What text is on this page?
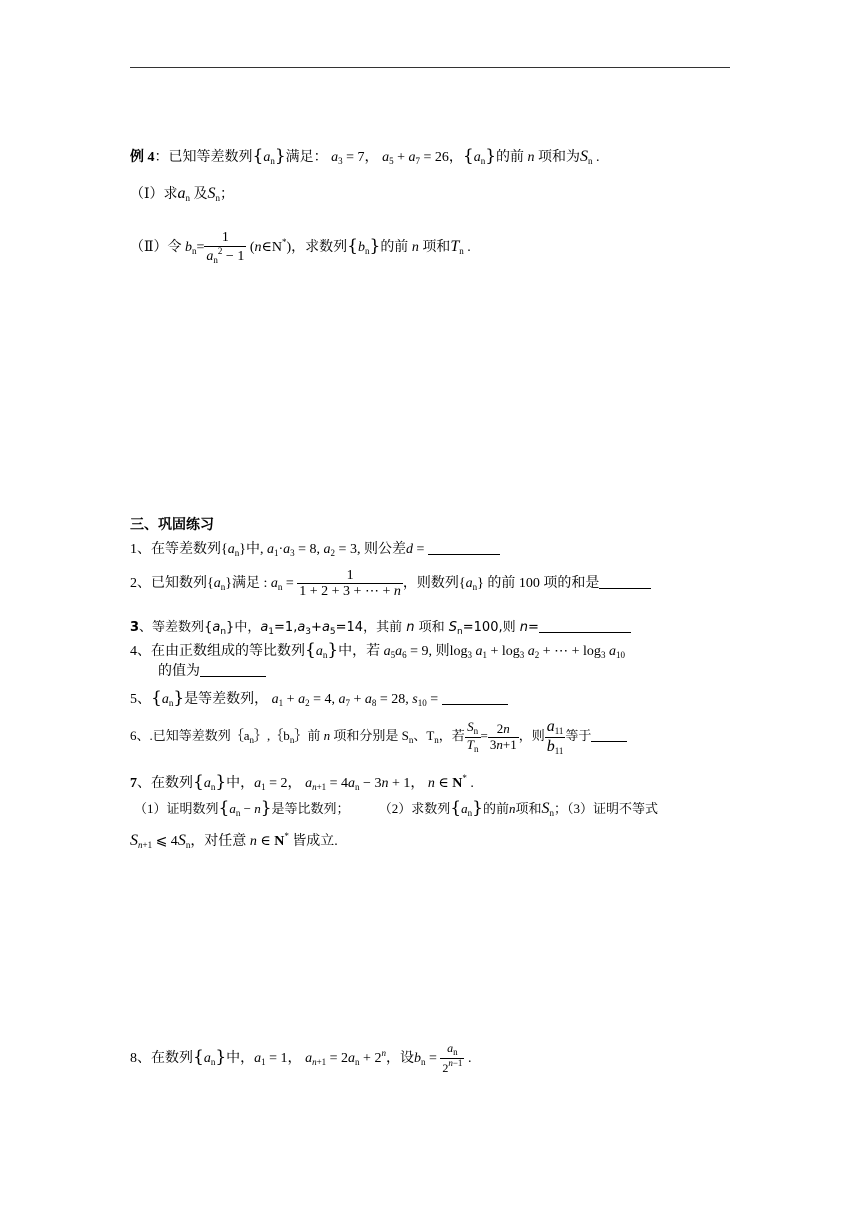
例 4：已知等差数列$\{a_n\}$满足： $a_3 = 7$， $a_5 + a_7 = 26$，$\{a_n\}$的前 n 项和为$S_n$ .
（Ⅰ）求$a_n$ 及$S_n$；
（Ⅱ）令 $b_n= \frac{1}{a_n^2 - 1}$ (n∈N*)，求数列$\{b_n\}$的前 n 项和$T_n$ .
三、巩固练习
1、在等差数列$\{a_n\}$中, $a_1\cdot a_3 = 8$, $a_2 = 3$, 则公差d =
2、已知数列$\{a_n\}$满足 : $a_n = \frac{1}{1 + 2 + 3 + \cdots + n}$ ，则数列$\{a_n\}$ 的前 100 项的和是
3、等差数列$\{a_n\}$中，$a_1=1,a_3+a_5=14$，其前 n 项和 $S_n=100$,则 n=
4、在由正数组成的等比数列$\{a_n\}$中，若 $a_5a_6 = 9$, 则$\log_3 a_1 + \log_3 a_2$ + ⋯ + $\log_3 a_{10}$
的值为
5、$\{a_n\}$是等差数列， $a_1 + a_2 = 4$, $a_7 + a_8 = 28$, $s_{10}$ =
6、.已知等差数列$\{a_n\},\{b_n\}$前 n 项和分别是 $S_n$、$T_n$，若 $\frac{S_n}{T_n} = \frac{2n}{3n+1}$ ，则 $\frac{a_{11}}{b_{11}}$ 等于
7、在数列$\{a_n\}$中，$a_1 = 2$， $a_{n+1} = 4a_n - 3n + 1$， n ∈ N* .
（1）证明数列$\{a_n - n\}$是等比数列； （2）求数列$\{a_n\}$的前n项和$S_n$；（3）证明不等式
$S_{n+1}$ ⩽ $4S_n$，对任意 n ∈ N* 皆成立.
8、在数列$\{a_n\}$中，$a_1 = 1$， $a_{n+1} = 2a_n + 2^n$，设$b_n = \frac{a_n}{2^{n-1}}$ .
